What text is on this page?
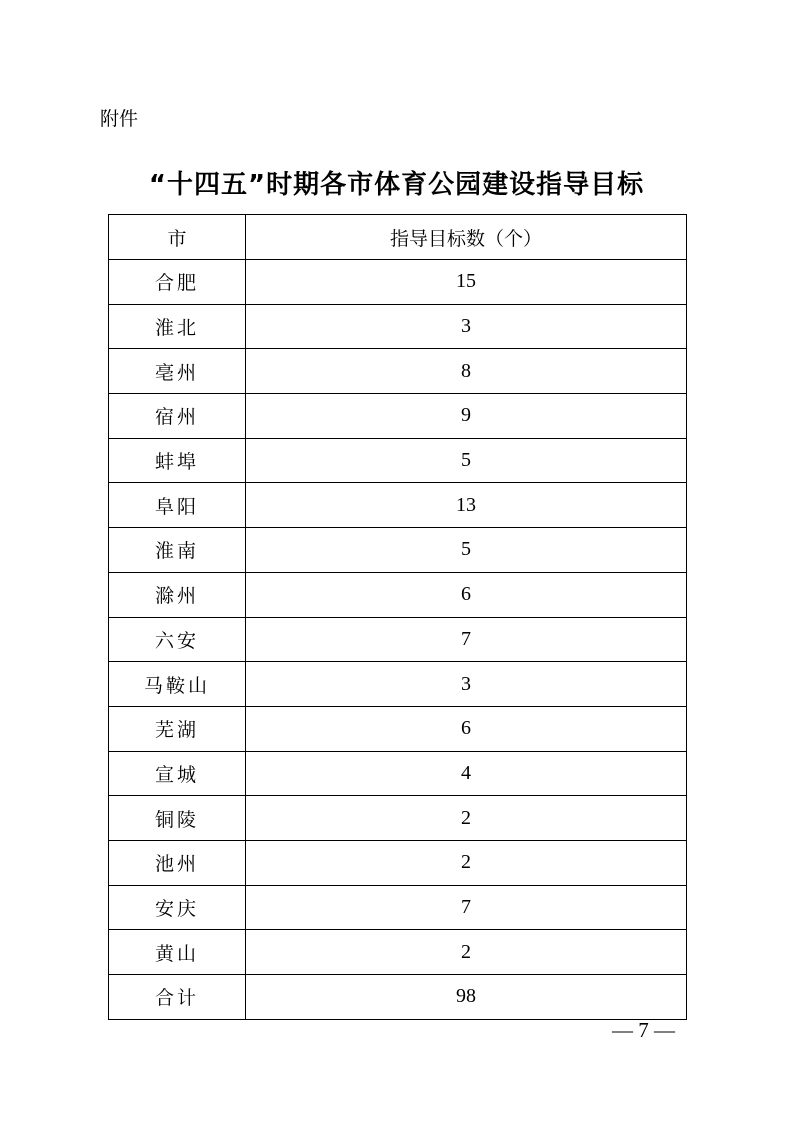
附件
“十四五”时期各市体育公园建设指导目标
市	指导目标数（个）
合肥	15
淮北	3
亳州	8
宿州	9
蚌埠	5
阜阳	13
淮南	5
滁州	6
六安	7
马鞍山	3
芜湖	6
宣城	4
铜陵	2
池州	2
安庆	7
黄山	2
合计	98
— 7 —
